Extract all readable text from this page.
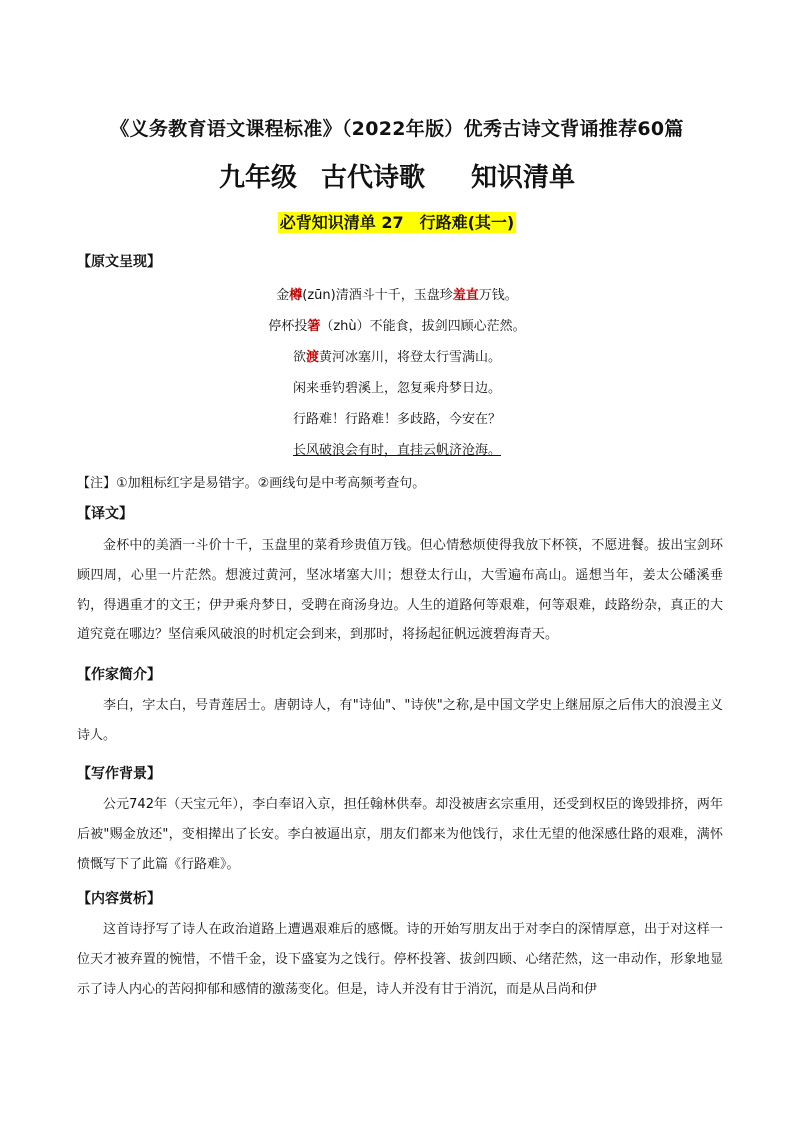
《义务教育语文课程标准》（2022年版）优秀古诗文背诵推荐60篇
九年级 古代诗歌 知识清单
必背知识清单 27　行路难(其一)
【原文呈现】
金樽(zūn)清酒斗十千，玉盘珍羞直万钱。
停杯投箸（zhù）不能食，拔剑四顾心茫然。
欲渡黄河冰塞川，将登太行雪满山。
闲来垂钓碧溪上，忽复乘舟梦日边。
行路难！行路难！多歧路，今安在？
长风破浪会有时，直挂云帆济沧海。
【注】①加粗标红字是易错字。②画线句是中考高频考查句。
【译文】

金杯中的美酒一斗价十千，玉盘里的菜肴珍贵值万钱。但心情愁烦使得我放下杯筷，不愿进餐。拔出宝剑环顾四周，心里一片茫然。想渡过黄河，坚冰堵塞大川；想登太行山，大雪遍布高山。遥想当年，姜太公磻溪垂钓，得遇重才的文王；伊尹乘舟梦日，受聘在商汤身边。人生的道路何等艰难，何等艰难，歧路纷杂，真正的大道究竟在哪边？坚信乘风破浪的时机定会到来，到那时，将扬起征帆远渡碧海青天。

【作家简介】

李白，字太白，号青莲居士。唐朝诗人，有"诗仙"、"诗侠"之称,是中国文学史上继屈原之后伟大的浪漫主义诗人。

【写作背景】

公元742年（天宝元年），李白奉诏入京，担任翰林供奉。却没被唐玄宗重用，还受到权臣的谗毁排挤，两年后被"赐金放还"，变相撵出了长安。李白被逼出京，朋友们都来为他饯行，求仕无望的他深感仕路的艰难，满怀愤慨写下了此篇《行路难》。

【内容赏析】

这首诗抒写了诗人在政治道路上遭遇艰难后的感慨。诗的开始写朋友出于对李白的深情厚意，出于对这样一位天才被弃置的惋惜，不惜千金，设下盛宴为之饯行。停杯投箸、拔剑四顾、心绪茫然，这一串动作，形象地显示了诗人内心的苦闷抑郁和感情的激荡变化。但是，诗人并没有甘于消沉，而是从吕尚和伊
